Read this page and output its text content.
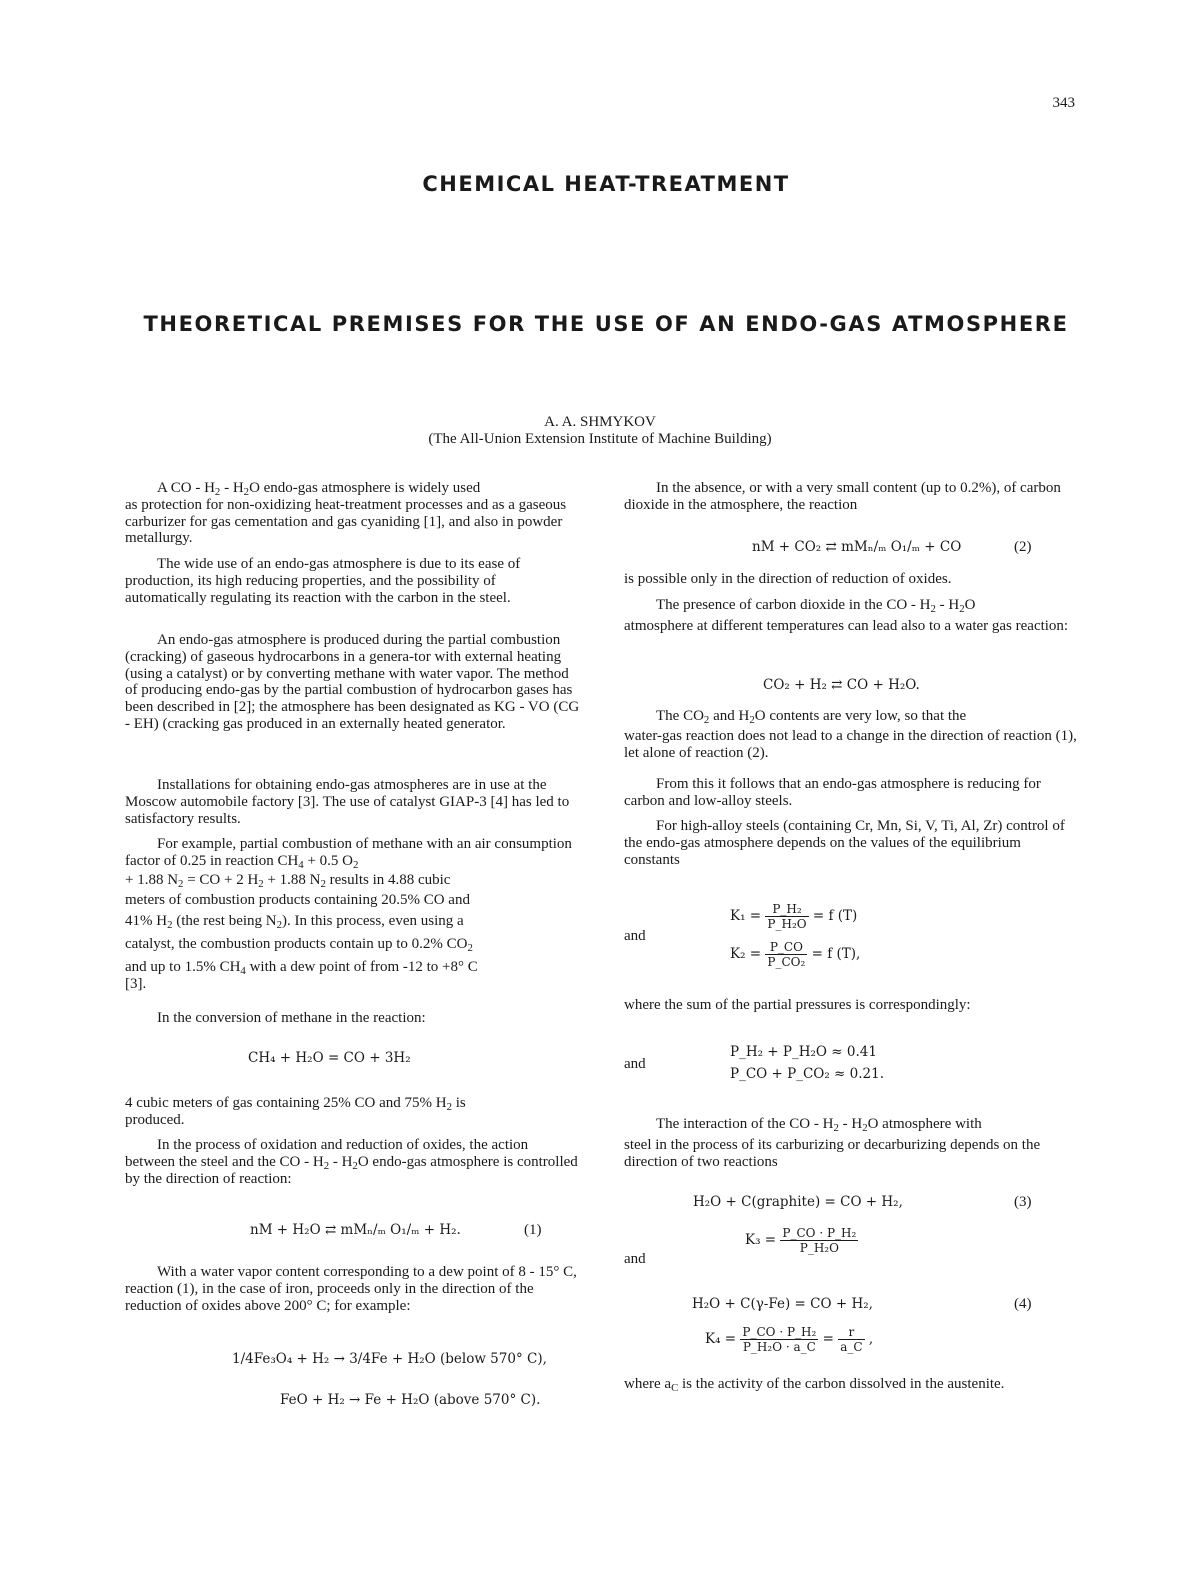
343
CHEMICAL HEAT-TREATMENT
THEORETICAL PREMISES FOR THE USE OF AN ENDO-GAS ATMOSPHERE
A. A. SHMYKOV
(The All-Union Extension Institute of Machine Building)

A CO - $H_2 - H_2O$ endo-gas atmosphere is widely used

as protection for non-oxidizing heat-treatment processes and as a gaseous carburizer for gas cementation and gas cyaniding [1], and also in powder metallurgy.

The wide use of an endo-gas atmosphere is due to its ease of production, its high reducing properties, and the possibility of automatically regulating its reaction with the carbon in the steel.

An endo-gas atmosphere is produced during the partial combustion (cracking) of gaseous hydrocarbons in a genera-tor with external heating (using a catalyst) or by converting methane with water vapor. The method of producing endo-gas by the partial combustion of hydrocarbon gases has been described in [2]; the atmosphere has been designated as KG - VO (CG - EH) (cracking gas produced in an externally heated generator.

Installations for obtaining endo-gas atmospheres are in use at the Moscow automobile factory [3]. The use of catalyst GIAP-3 [4] has led to satisfactory results.

For example, partial combustion of methane with an air consumption factor of 0.25 in reaction $CH_4 + 0.5$ $O_2$

+ 1.88 $N_2$ = CO + 2 $H_2 + 1.88$ $N_2$ results in 4.88 cubic

meters of combustion products containing 20.5% CO and

41% $H_2$ (the rest being $N_2$). In this process, even using a

catalyst, the combustion products contain up to 0.2% $CO_2$

and up to 1.5% $CH_4$ with a dew point of from -12 to +8° C

[3].

In the conversion of methane in the reaction:

CH₄ + H₂O = CO + 3H₂

4 cubic meters of gas containing 25% CO and 75% $H_2$ is

produced.

In the process of oxidation and reduction of oxides, the action between the steel and the CO - $H_2 - H_2O$ endo-gas atmosphere is controlled by the direction of reaction:

nM + H₂O ⇄ mMₙ/ₘ O₁/ₘ + H₂.	(1)

With a water vapor content corresponding to a dew point of 8 - 15° C, reaction (1), in the case of iron, proceeds only in the direction of the reduction of oxides above 200° C; for example:

1/4Fe₃O₄ + H₂ → 3/4Fe + H₂O (below 570° C),
FeO + H₂ → Fe + H₂O (above 570° C).

In the absence, or with a very small content (up to 0.2%), of carbon dioxide in the atmosphere, the reaction

nM + CO₂ ⇄ mMₙ/ₘ O₁/ₘ + CO	(2)

is possible only in the direction of reduction of oxides.

The presence of carbon dioxide in the CO - $H_2 - H_2O$

atmosphere at different temperatures can lead also to a water gas reaction:

CO₂ + H₂ ⇄ CO + H₂O.

The $CO_2$ and $H_2O$ contents are very low, so that the

water-gas reaction does not lead to a change in the direction of reaction (1), let alone of reaction (2).

From this it follows that an endo-gas atmosphere is reducing for carbon and low-alloy steels.

For high-alloy steels (containing Cr, Mn, Si, V, Ti, Al, Zr) control of the endo-gas atmosphere depends on the values of the equilibrium constants

and
$K_1 = \frac{\text{P\_H₂}}{\text{P\_H₂O}} = f$ (T)
$K_2 = \frac{P\_CO}{\text{P\_CO₂}} = f$ (T),

where the sum of the partial pressures is correspondingly:

and
P_H₂ + P_H₂O ≈ 0.41
P_CO + P_CO₂ ≈ 0.21.

The interaction of the CO - $H_2 - H_2O$ atmosphere with

steel in the process of its carburizing or decarburizing depends on the direction of two reactions

H₂O + C(graphite) = CO + H₂,	(3)
and
$K_3 = \frac{\text{P\_CO · P\_H₂}}{\text{P\_H₂O}}$
H₂O + C(γ-Fe) = CO + H₂,	(4)
$K_4 = \frac{\text{P\_CO · P\_H₂}}{\text{P\_H₂O · a\_C}} = \frac{r}{a\_C}$ ,

where $a_C$ is the activity of the carbon dissolved in the austenite.
